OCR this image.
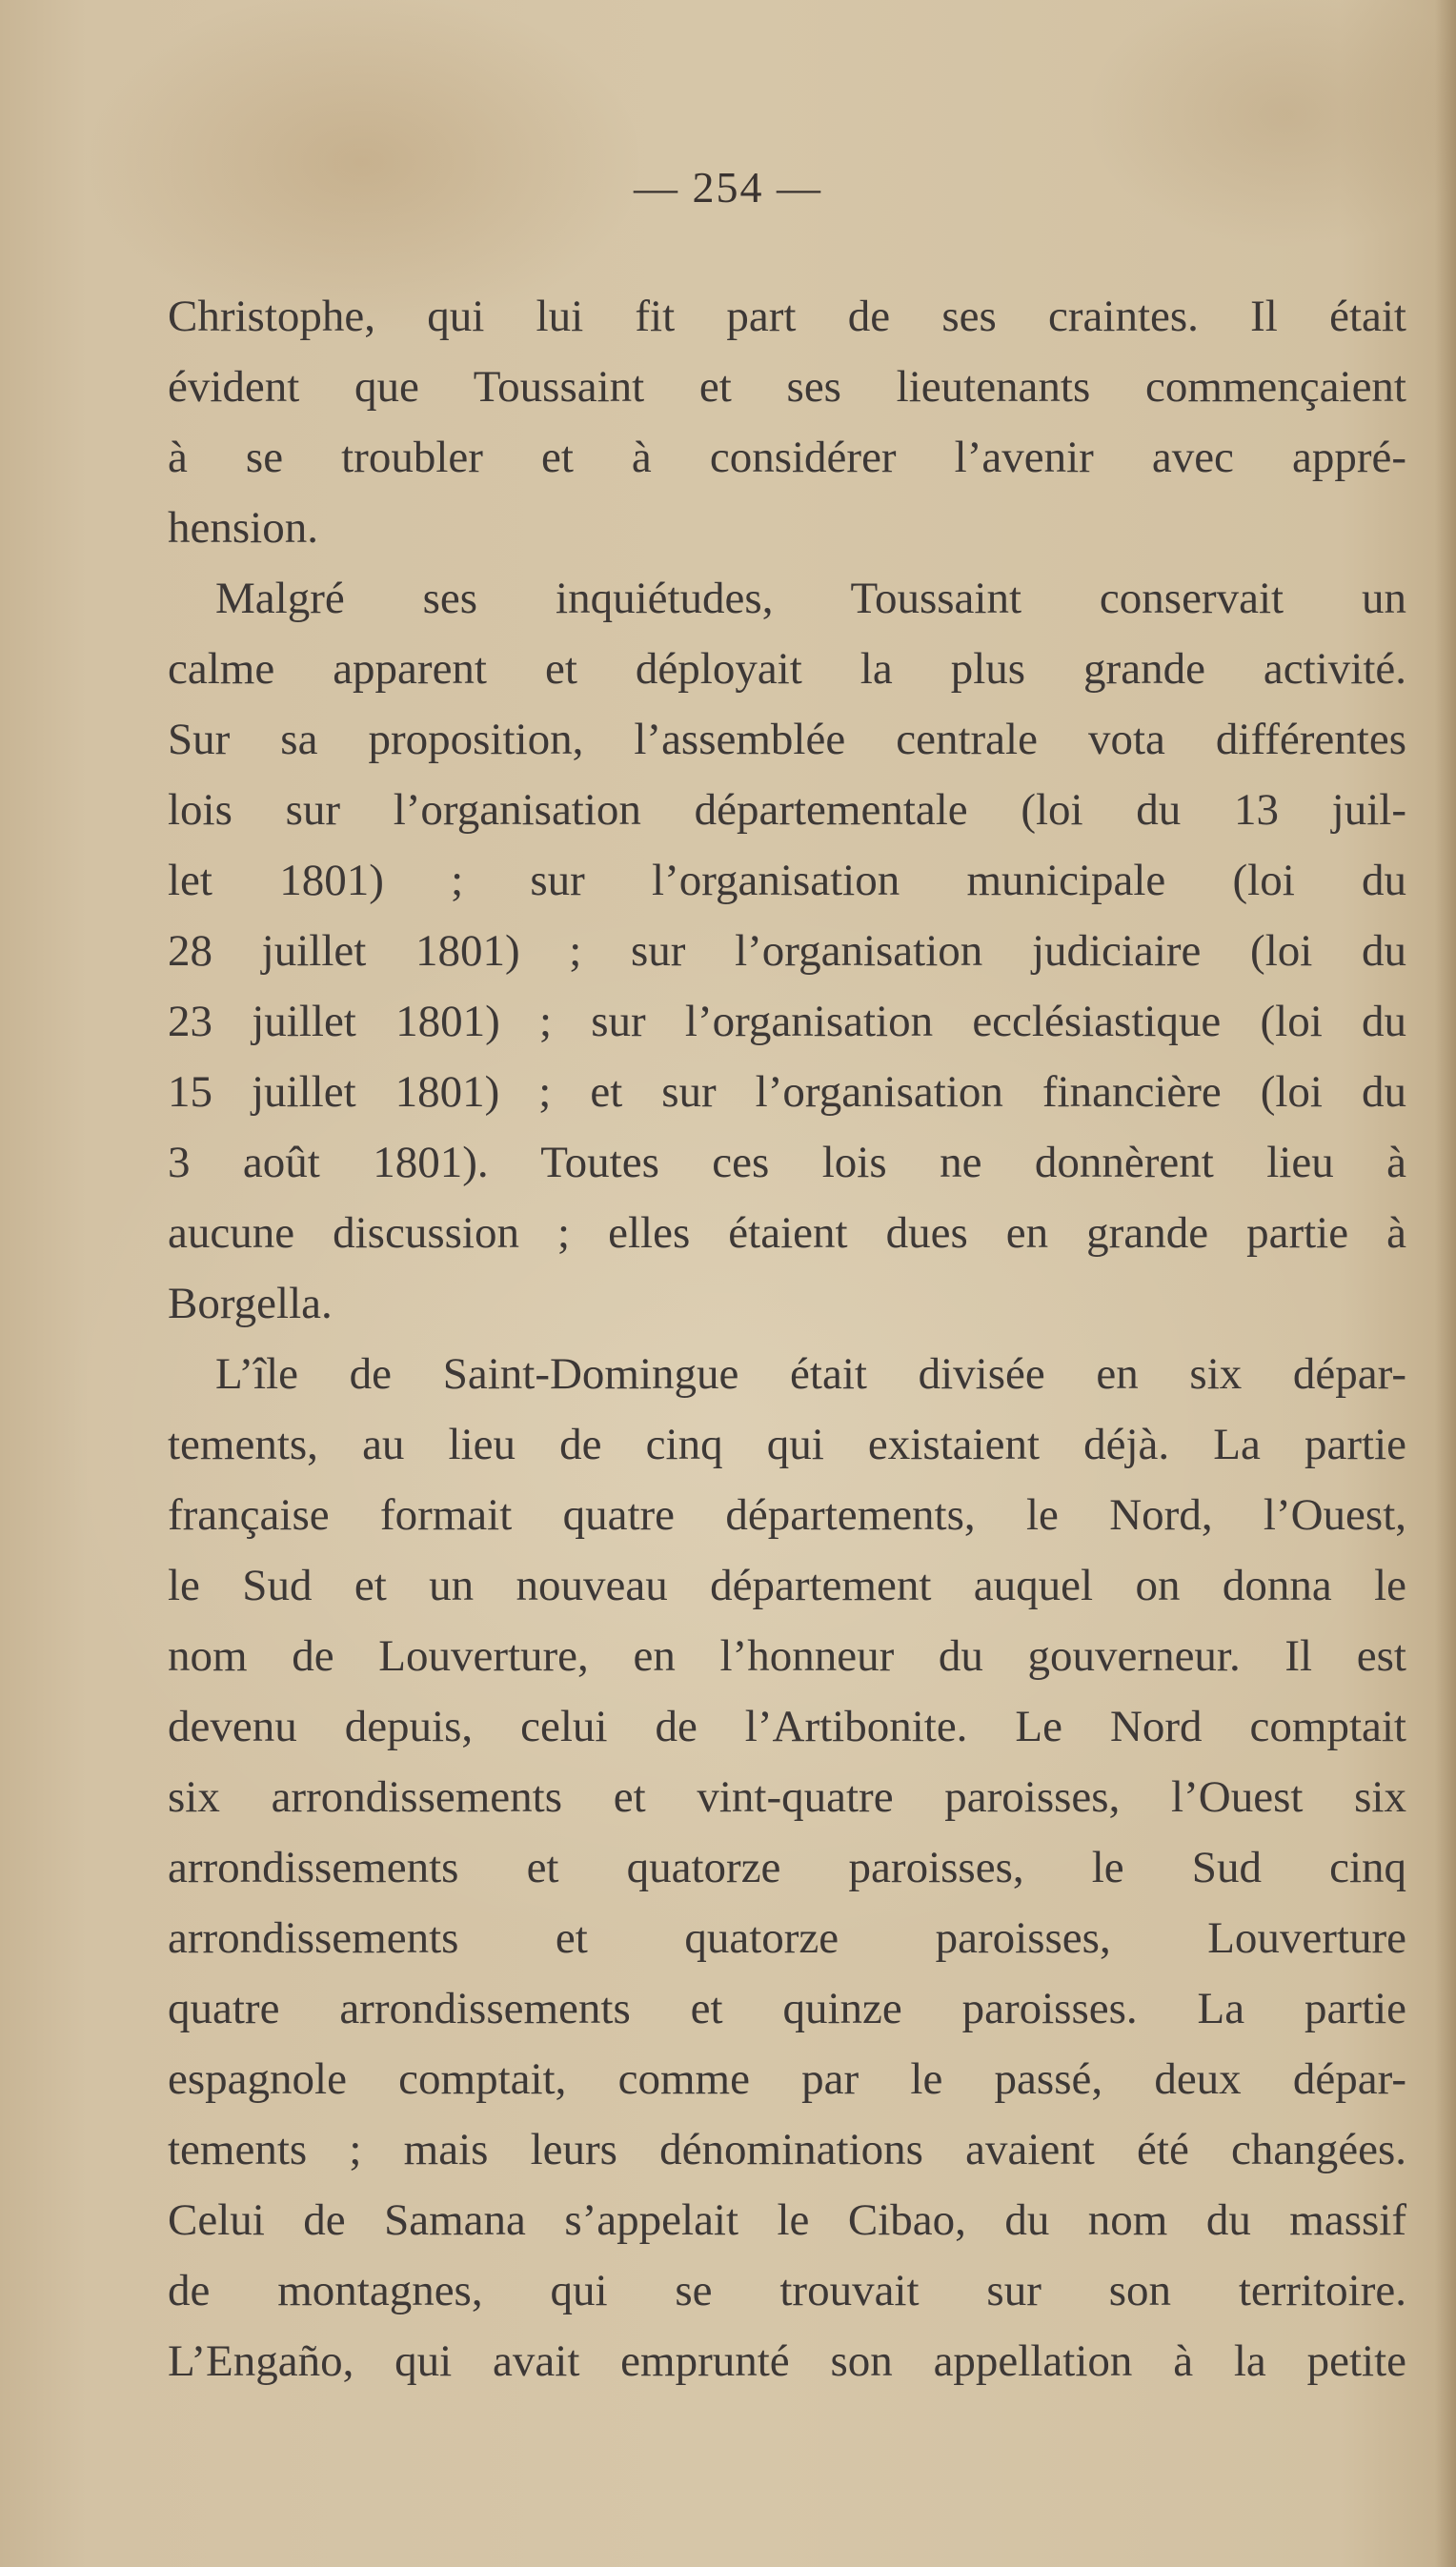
— 254 —
Christophe, qui lui fit part de ses craintes. Il était
évident que Toussaint et ses lieutenants commençaient
à se troubler et à considérer l’avenir avec appré-
hension.
Malgré ses inquiétudes, Toussaint conservait un
calme apparent et déployait la plus grande activité.
Sur sa proposition, l’assemblée centrale vota différentes
lois sur l’organisation départementale (loi du 13 juil-
let 1801) ; sur l’organisation municipale (loi du
28 juillet 1801) ; sur l’organisation judiciaire (loi du
23 juillet 1801) ; sur l’organisation ecclésiastique (loi du
15 juillet 1801) ; et sur l’organisation financière (loi du
3 août 1801). Toutes ces lois ne donnèrent lieu à
aucune discussion ; elles étaient dues en grande partie à
Borgella.
L’île de Saint-Domingue était divisée en six dépar-
tements, au lieu de cinq qui existaient déjà. La partie
française formait quatre départements, le Nord, l’Ouest,
le Sud et un nouveau département auquel on donna le
nom de Louverture, en l’honneur du gouverneur. Il est
devenu depuis, celui de l’Artibonite. Le Nord comptait
six arrondissements et vint-quatre paroisses, l’Ouest six
arrondissements et quatorze paroisses, le Sud cinq
arrondissements et quatorze paroisses, Louverture
quatre arrondissements et quinze paroisses. La partie
espagnole comptait, comme par le passé, deux dépar-
tements ; mais leurs dénominations avaient été changées.
Celui de Samana s’appelait le Cibao, du nom du massif
de montagnes, qui se trouvait sur son territoire.
L’Engaño, qui avait emprunté son appellation à la petite
